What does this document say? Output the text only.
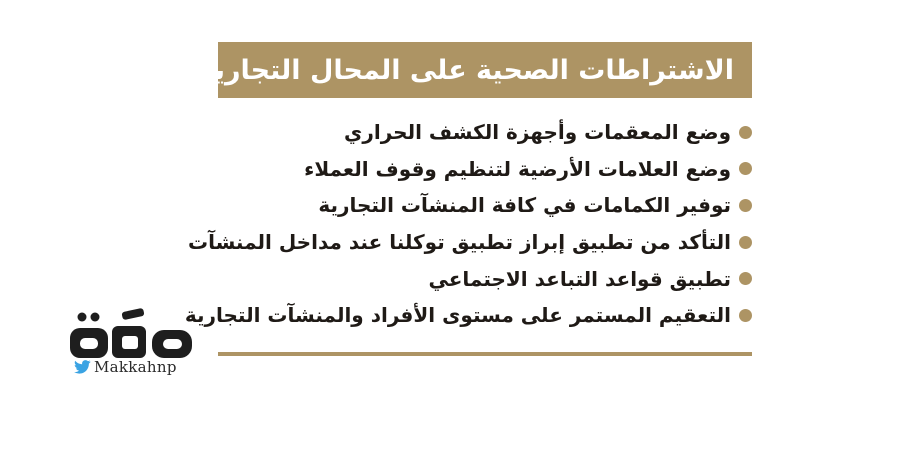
الاشتراطات الصحية على المحال التجارية:
وضع المعقمات وأجهزة الكشف الحراري
وضع العلامات الأرضية لتنظيم وقوف العملاء
توفير الكمامات في كافة المنشآت التجارية
التأكد من تطبيق إبراز تطبيق توكلنا عند مداخل المنشآت
تطبيق قواعد التباعد الاجتماعي
التعقيم المستمر على مستوى الأفراد والمنشآت التجارية
Makkahnp
